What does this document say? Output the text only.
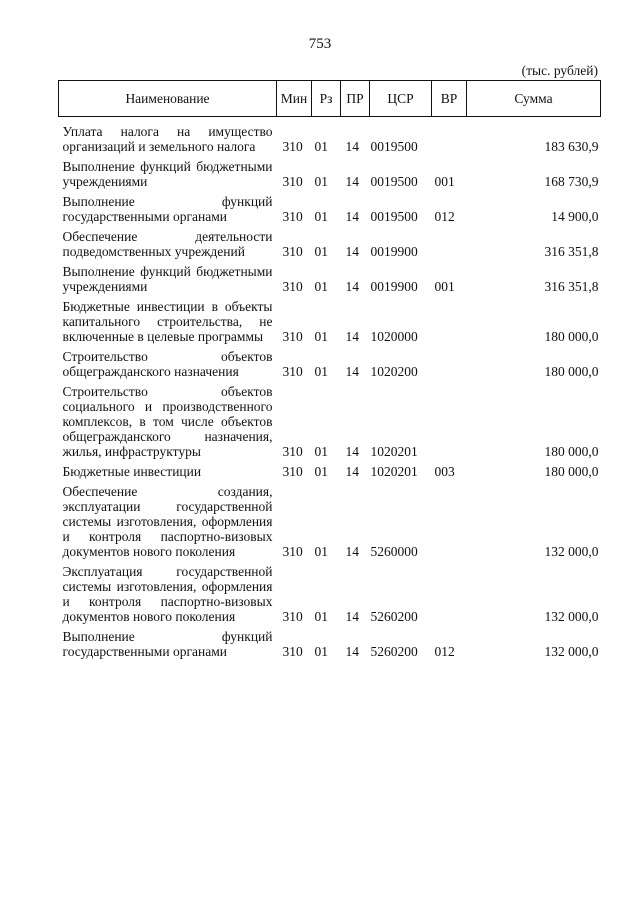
753
(тыс. рублей)
Наименование	Мин	Рз	ПР	ЦСР	ВР	Сумма

Уплата налога на имущество организаций и земельного налога	310	01	14	0019500		183 630,9

Выполнение функций бюджетными учреждениями	310	01	14	0019500	001	168 730,9

Выполнение функций государственными органами	310	01	14	0019500	012	14 900,0

Обеспечение деятельности подведомственных учреждений	310	01	14	0019900		316 351,8

Выполнение функций бюджетными учреждениями	310	01	14	0019900	001	316 351,8

Бюджетные инвестиции в объекты капитального строительства, не включенные в целевые программы	310	01	14	1020000		180 000,0

Строительство объектов общегражданского назначения	310	01	14	1020200		180 000,0

Строительство объектов социального и производственного комплексов, в том числе объектов общегражданского назначения, жилья, инфраструктуры	310	01	14	1020201		180 000,0

Бюджетные инвестиции	310	01	14	1020201	003	180 000,0

Обеспечение создания, эксплуатации государственной системы изготовления, оформления и контроля паспортно-визовых документов нового поколения	310	01	14	5260000		132 000,0

Эксплуатация государственной системы изготовления, оформления и контроля паспортно-визовых документов нового поколения	310	01	14	5260200		132 000,0

Выполнение функций государственными органами	310	01	14	5260200	012	132 000,0
